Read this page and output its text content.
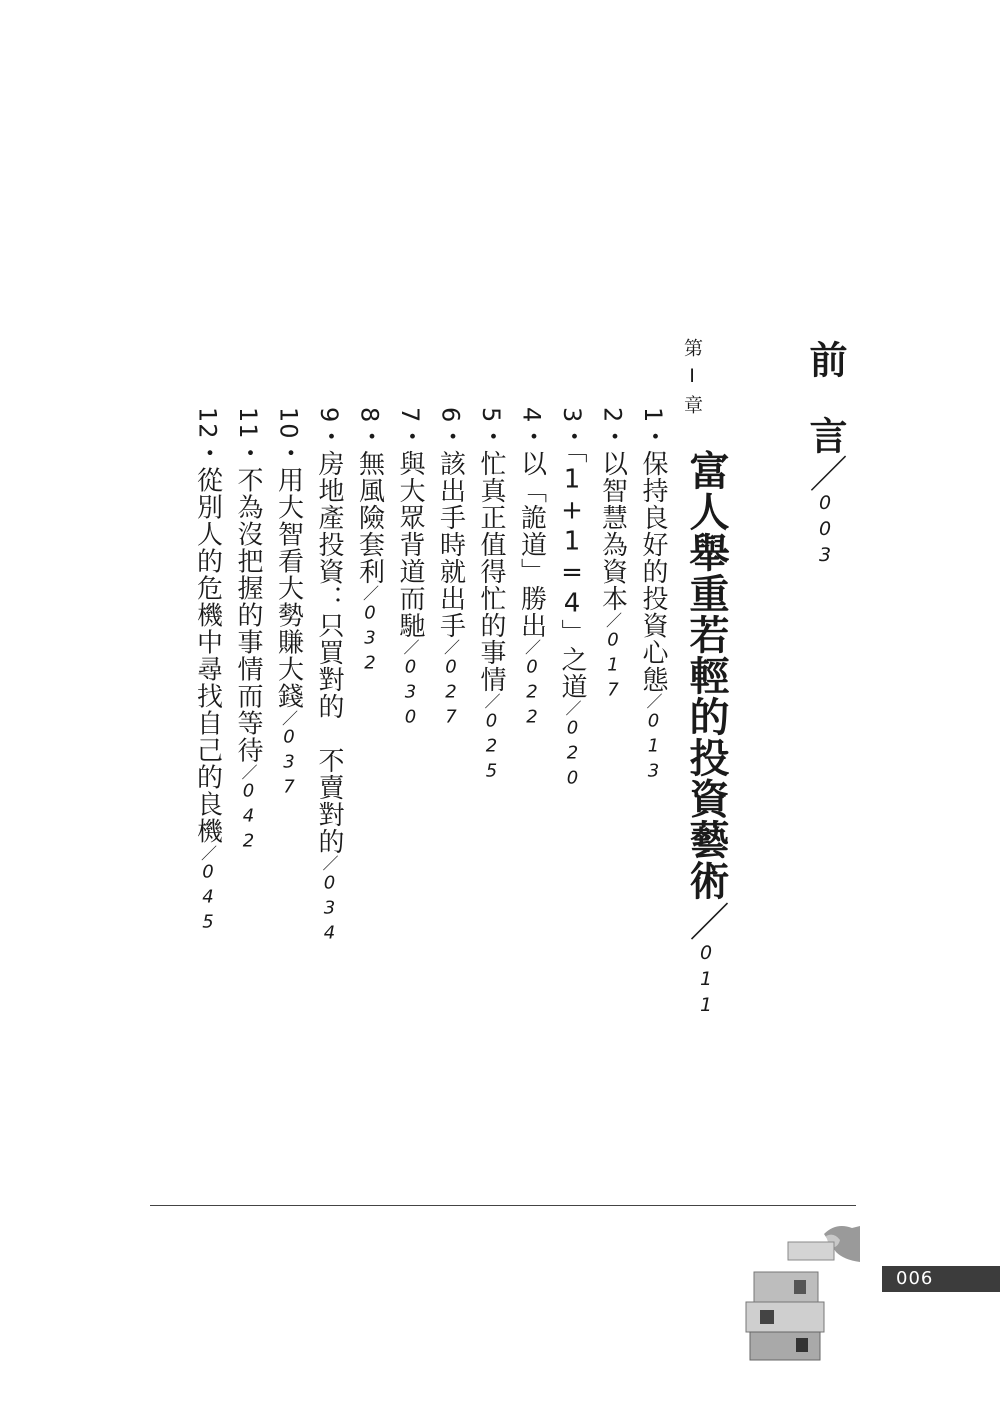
前言／003
第Ⅰ章
富人舉重若輕的投資藝術／011
1・保持良好的投資心態／013
2・以智慧為資本／017
3・「1+1=4」之道／020
4・以「詭道」勝出／022
5・忙真正值得忙的事情／025
6・該出手時就出手／027
7・與大眾背道而馳／030
8・無風險套利／032
9・房地產投資：只買對的　不賣對的／034
10・用大智看大勢賺大錢／037
11・不為沒把握的事情而等待／042
12・從別人的危機中尋找自己的良機／045
006
